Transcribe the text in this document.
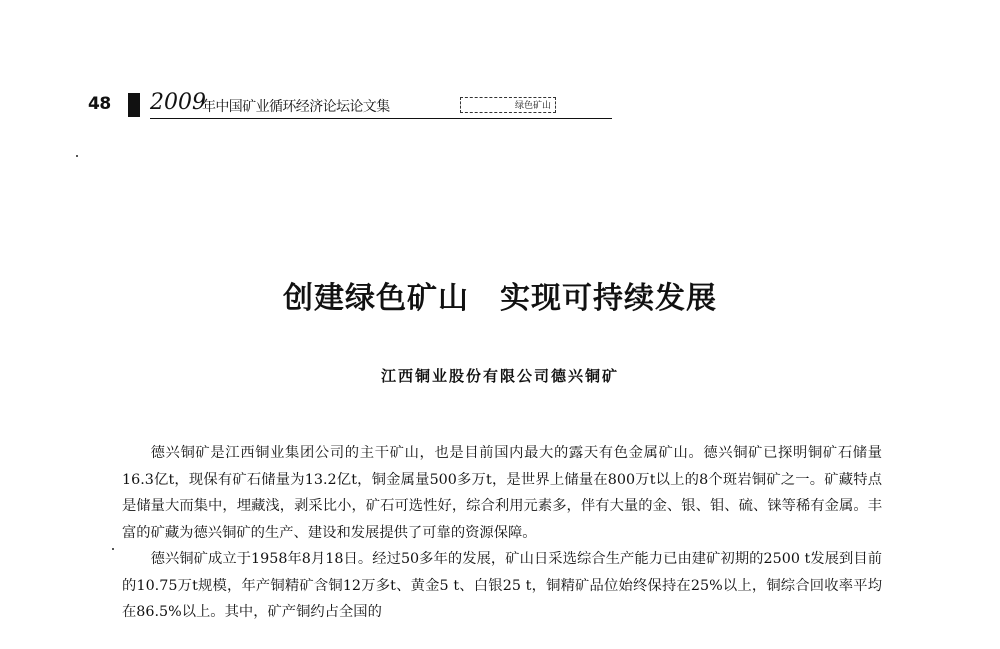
48 2009
年中国矿业循环经济论坛论文集	绿色矿山
创建绿色矿山　实现可持续发展
江西铜业股份有限公司德兴铜矿

德兴铜矿是江西铜业集团公司的主干矿山，也是目前国内最大的露天有色金属矿山。德兴铜矿已探明铜矿石储量16.3亿t，现保有矿石储量为13.2亿t，铜金属量500多万t，是世界上储量在800万t以上的8个斑岩铜矿之一。矿藏特点是储量大而集中，埋藏浅，剥采比小，矿石可选性好，综合利用元素多，伴有大量的金、银、钼、硫、铼等稀有金属。丰富的矿藏为德兴铜矿的生产、建设和发展提供了可靠的资源保障。

德兴铜矿成立于1958年8月18日。经过50多年的发展，矿山日采选综合生产能力已由建矿初期的2500 t发展到目前的10.75万t规模，年产铜精矿含铜12万多t、黄金5 t、白银25 t，铜精矿品位始终保持在25%以上，铜综合回收率平均在86.5%以上。其中，矿产铜约占全国的
